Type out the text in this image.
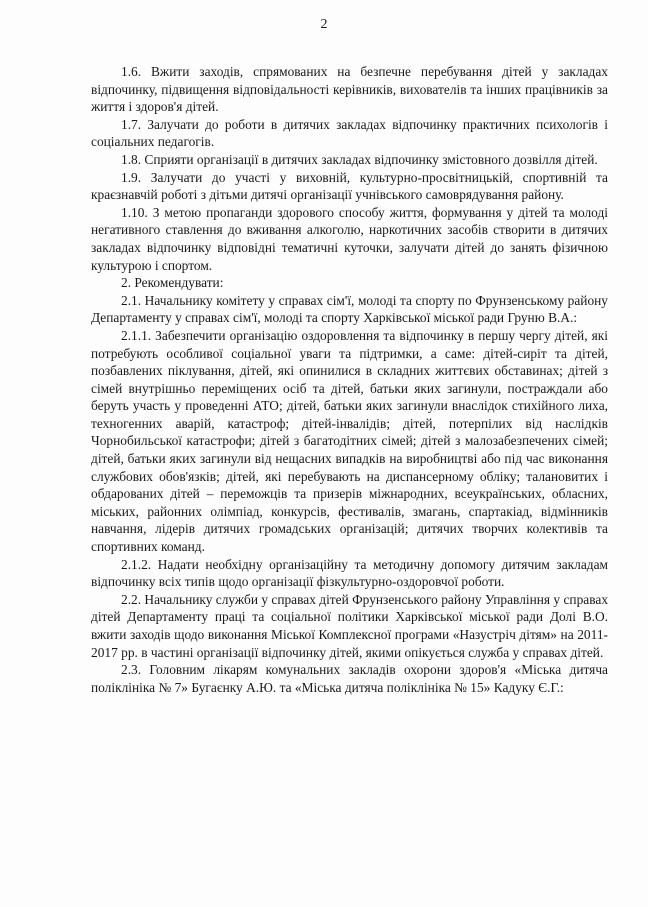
2

1.6. Вжити заходів, спрямованих на безпечне перебування дітей у закладах відпочинку, підвищення відповідальності керівників, вихователів та інших працівників за життя і здоров'я дітей.

1.7. Залучати до роботи в дитячих закладах відпочинку практичних психологів і соціальних педагогів.

1.8. Сприяти організації в дитячих закладах відпочинку змістовного дозвілля дітей.

1.9. Залучати до участі у виховній, культурно-просвітницькій, спортивній та краєзнавчій роботі з дітьми дитячі організації учнівського самоврядування району.

1.10. З метою пропаганди здорового способу життя, формування у дітей та молоді негативного ставлення до вживання алкоголю, наркотичних засобів створити в дитячих закладах відпочинку відповідні тематичні куточки, залучати дітей до занять фізичною культурою і спортом.

2. Рекомендувати:

2.1. Начальнику комітету у справах сім'ї, молоді та спорту по Фрунзенському району Департаменту у справах сім'ї, молоді та спорту Харківської міської ради Груню В.А.:

2.1.1. Забезпечити організацію оздоровлення та відпочинку в першу чергу дітей, які потребують особливої соціальної уваги та підтримки, а саме: дітей-сиріт та дітей, позбавлених піклування, дітей, які опинилися в складних життєвих обставинах; дітей з сімей внутрішньо переміщених осіб та дітей, батьки яких загинули, постраждали або беруть участь у проведенні АТО; дітей, батьки яких загинули внаслідок стихійного лиха, техногенних аварій, катастроф; дітей-інвалідів; дітей, потерпілих від наслідків Чорнобильської катастрофи; дітей з багатодітних сімей; дітей з малозабезпечених сімей; дітей, батьки яких загинули від нещасних випадків на виробництві або під час виконання службових обов'язків; дітей, які перебувають на диспансерному обліку; талановитих і обдарованих дітей – переможців та призерів міжнародних, всеукраїнських, обласних, міських, районних олімпіад, конкурсів, фестивалів, змагань, спартакіад, відмінників навчання, лідерів дитячих громадських організацій; дитячих творчих колективів та спортивних команд.

2.1.2. Надати необхідну організаційну та методичну допомогу дитячим закладам відпочинку всіх типів щодо організації фізкультурно-оздоровчої роботи.

2.2. Начальнику служби у справах дітей Фрунзенського району Управління у справах дітей Департаменту праці та соціальної політики Харківської міської ради Долі В.О. вжити заходів щодо виконання Міської Комплексної програми «Назустріч дітям» на 2011-2017 рр. в частині організації відпочинку дітей, якими опікується служба у справах дітей.

2.3. Головним лікарям комунальних закладів охорони здоров'я «Міська дитяча поліклініка № 7» Бугаєнку А.Ю. та «Міська дитяча поліклініка № 15» Кадуку Є.Г.:
